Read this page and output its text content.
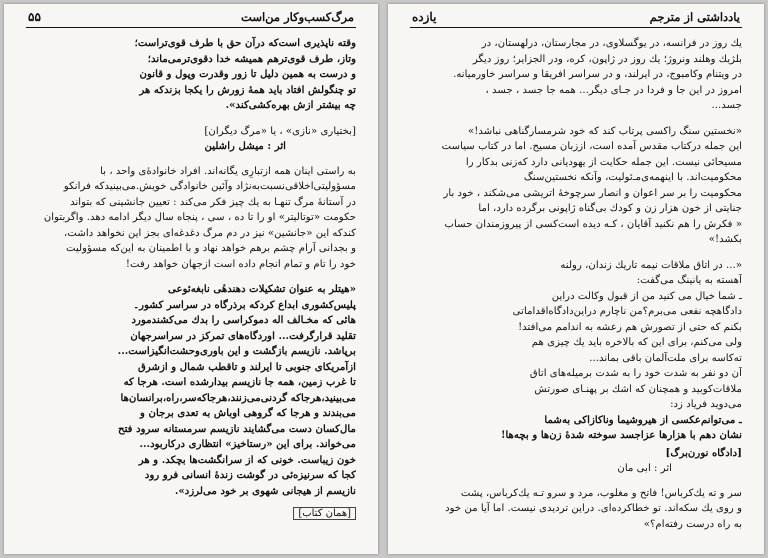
مرگ‌کسب‌وکار من‌است
۵۵
وقته ناپذیری است‌که درآن حق با طرف قوی‌تراست؛
وتاز، طرف قوی‌ترهم همیشه خدا دقوی‌ترمی‌ماند؛
و درست به همین دلیل تا زور وقدرت وپول و قانون
تو چنگولش افتاد باید همهٔ زورش را یکجا بزندکه هر
چه بیشتر ازش بهره‌کشی‌کند».
[بختیاری «نازی» ، یا «مرگ دیگران]
اثر : میشل راشلین
به راستی اینان همه ازتبارِی یگانه‌اند. افراد خانوادهٔ‌ی واحد ، با
مسؤولیتی‌اخلاقی‌نسبت‌به‌نژاد وآئین خانوادگی خویش.می‌بینیدکه فرانکو
در آستانهٔ مرگ تنهـا به یك چیز فكر می‌كند : تعیین جانشینی كه بتواند
حكومت «توتالیتر» او را تا ده ، سی ، پنجاه سال دیگر ادامه دهد. واگربتوان
كندكه این «جانشین» نیز در دم مرگ دغدغه‌ای بجز این نخواهد داشت،
و بجدانی آرام چشم برهم خواهد نهاد و با اطمینان به این‌كه مسؤولیت
خود را تام و تمام انجام داده است ازجهان خواهد رفت!
«هیتلر به عنوان تشکیلات دهندهٔی نابغه‌ئوعی
پلیس‌کشوری ابداع کردکه برذرگاه در سراسر کشور۔
هائی که مخـالف اله دموکراسی را بدك می‌کشندمورد
تقلید قرارگرفت... اوردگاه‌های تمرکز در سراسرجهان
برپاشد. نازیسم بازگشت و این باوری‌وحشت‌انگیز‌است...
ازآمریکای جنوبی تا ایرلند و تاقطب شمال و ازشرق
تا غرب زمین، همه جا نازیسم بیدارشده است. هرجا که
می‌بینید،هرجاکه گردنی‌می‌زنند،هرجاکه‌سر،راه،برانسان‌ها
می‌بندند و هرجا که گروهی اوباش به تعدی برجان و
مال‌کسان دست می‌گشایند نازیسم سرمستانه سرود فتح
می‌خواند. برای این «رستاخیز» انتظاری درکار‌بود...
خون زیباست. خونی که از سرانگشت‌ها بچکد. و هر
کجا که سرنیزه‌ئی در گوشت زندهٔ انسانی فرو رود
نازیسم از هیجانی شهوی بر خود می‌لرزد».
[همان کتاب]
یادداشتی از مترجم
یازده
یك روز در فرانسه، در یوگسلاوی، در مجارستان، درلهستان، در
بلژیك وهلند ونروژ؛ یك روز در ژاپون، کره، ودر الجزایر؛ روز دیگر
در ویتنام وکامبوج، در ایرلند، و در سراسر افریقا و سراسر خاورمیانه.
امروز در این جا و فردا در جـای دیگر... همه جا جسد ، جسد ،
جسد...
«نخستین سنگ راکسی پرتاب کند که خود شرمسارگناهی نباشد!»
این جمله درکتاب مقدس آمده است، ازز‌بان مسیح. اما در کتاب سیاست
مسیحائی نیست. این جمله حکایت از یهودیانی دارد که‌زنی بدکار را
محکومیت‌ا‌ند. با اینهمه‌ی‌مـ‌ئولیت، وآنکه نخستین‌سنگ
محکومیت را بر سر اعوان و انصار سرچوخهٔ اتریشی می‌شکند ، خود بار
جنایتی از خون هزار زن و کودك بی‌گناه ژاپونی برگرده دارد، اما
« فکرش را هم نکنید آقایان ، کـه دیده است‌کسی از پیروزمندان حساب
بکشد!»
«... در اتاق ملاقات نیمه تاریك زندان، رولنه
آهسته به یانینگ می‌گفت:
ـ شما خیال می کنید من از قبول وکالت دراین
دادگاهچه نفعی می‌برم؟من ناچارم دراین‌دادگاه‌اقداماتی
بکنم که حتی از تصورش هم رعشه به اندامم می‌افتد!
ولی می‌کنم، برای این که بالاخره باید یك چیزی هم
ته‌کاسه برای ملت‌آلمان باقی بماند...
آن دو نفر به شدت خود را به شدت برمیله‌های اتاق
ملاقات‌کوبید و همچنان که اشك بر پهنـای صورتش
می‌دوید فریاد زد:
ـ می‌توانم‌عکسی از هیروشیما وناکازاکی به‌شما
نشان دهم با هزارها عزا‌جسد سوخته شدهٔ زن‌ها و بچه‌ها!
[دادگاه نورن‌برگ]
اثر : ابی مان
سر و ته یك‌کرباس! فاتح و مغلوب، مرد و سرو تـه یك‌کرباس، پشت
و روی یك سکه‌ا‌ند. تو خطاکرده‌ای. دراین تردیدی نیست. اما آیا من خود
به راه درست رفته‌ام؟»
